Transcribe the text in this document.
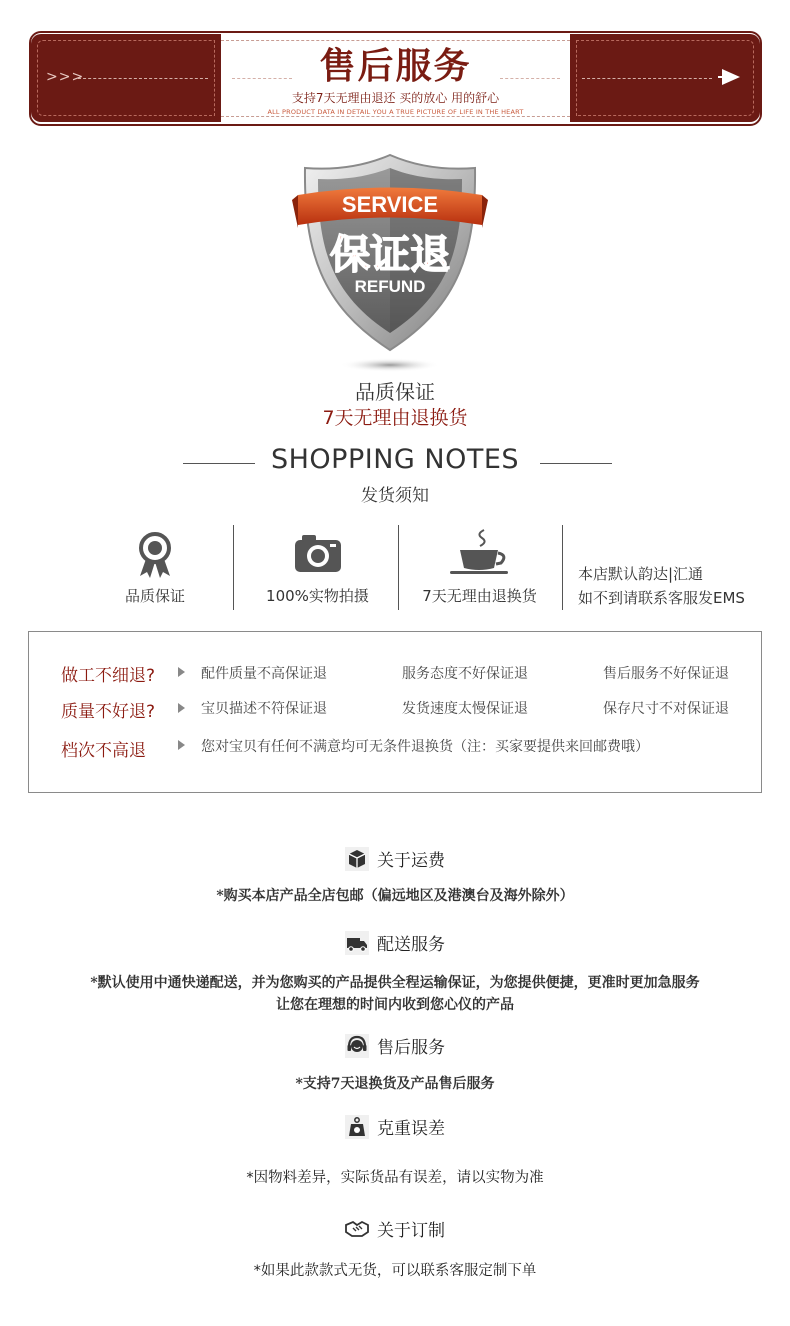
>>>	售后服务
支持7天无理由退还 买的放心 用的舒心
ALL PRODUCT DATA IN DETAIL YOU A TRUE PICTURE OF LIFE IN THE HEART
SERVICE
保证退
REFUND
品质保证
7天无理由退换货
SHOPPING NOTES
发货须知
品质保证	100%实物拍摄	7天无理由退换货
本店默认韵达|汇通
如不到请联系客服发EMS
做工不细退?	配件质量不高保证退	服务态度不好保证退	售后服务不好保证退
质量不好退?	宝贝描述不符保证退	发货速度太慢保证退	保存尺寸不对保证退
档次不高退	您对宝贝有任何不满意均可无条件退换货（注：买家要提供来回邮费哦）
关于运费
*购买本店产品全店包邮（偏远地区及港澳台及海外除外）
配送服务
*默认使用中通快递配送，并为您购买的产品提供全程运输保证，为您提供便捷，更准时更加急服务
让您在理想的时间内收到您心仪的产品
售后服务
*支持7天退换货及产品售后服务
克重误差
*因物料差异，实际货品有误差，请以实物为准
关于订制
*如果此款款式无货，可以联系客服定制下单
